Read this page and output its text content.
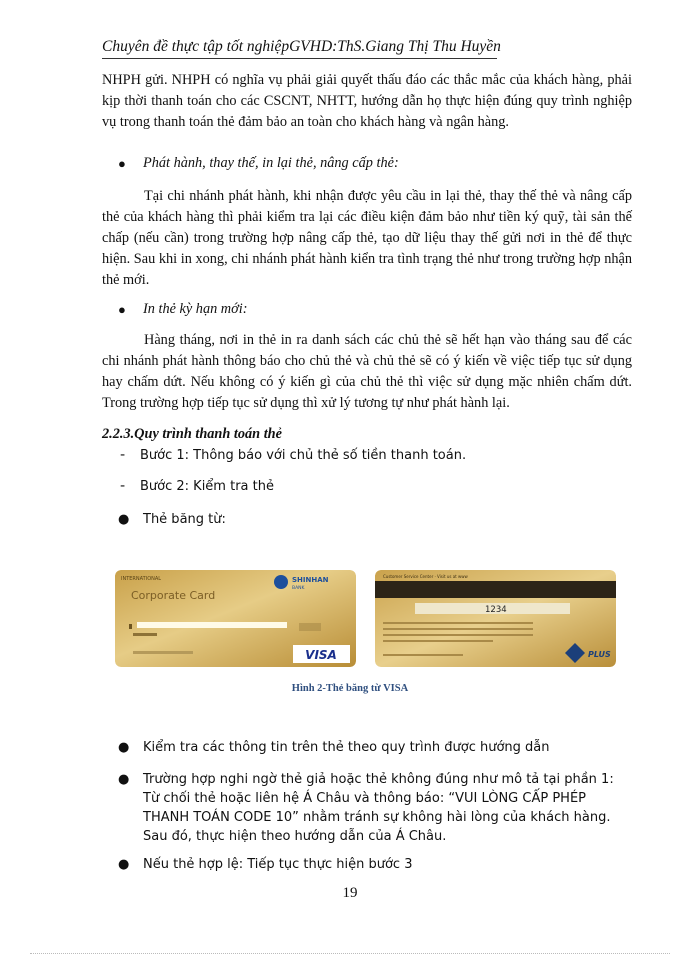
Chuyên đề thực tập tốt nghiệpGVHD:ThS.Giang Thị Thu Huyền

NHPH gửi. NHPH có nghĩa vụ phải giải quyết thấu đáo các thắc mắc của khách hàng, phải kịp thời thanh toán cho các CSCNT, NHTT, hướng dẫn họ thực hiện đúng quy trình nghiệp vụ trong thanh toán thẻ đảm bảo an toàn cho khách hàng và ngân hàng.

● Phát hành, thay thế, in lại thẻ, nâng cấp thẻ:

Tại chi nhánh phát hành, khi nhận được yêu cầu in lại thẻ, thay thế thẻ và nâng cấp thẻ của khách hàng thì phải kiểm tra lại các điều kiện đảm bảo như tiền ký quỹ, tài sản thế chấp (nếu cần) trong trường hợp nâng cấp thẻ, tạo dữ liệu thay thế gửi nơi in thẻ để thực hiện. Sau khi in xong, chi nhánh phát hành kiển tra tình trạng thẻ như trong trường hợp nhận thẻ mới.

● In thẻ kỳ hạn mới:

Hàng tháng, nơi in thẻ in ra danh sách các chủ thẻ sẽ hết hạn vào tháng sau để các chi nhánh phát hành thông báo cho chủ thẻ và chủ thẻ sẽ có ý kiến về việc tiếp tục sử dụng hay chấm dứt. Nếu không có ý kiến gì của chủ thẻ thì việc sử dụng mặc nhiên chấm dứt. Trong trường hợp tiếp tục sử dụng thì xử lý tương tự như phát hành lại.

2.2.3.Quy trình thanh toán thẻ
- Bước 1: Thông báo với chủ thẻ số tiền thanh toán.
- Bước 2: Kiểm tra thẻ
● Thẻ băng từ:
INTERNATIONAL
Corporate Card
SHINHAN
BANK
VISA
Customer Service Center · Visit us at www
1234
PLUS
Hình 2-Thẻ băng từ VISA
● Kiểm tra các thông tin trên thẻ theo quy trình được hướng dẫn
● Trường hợp nghi ngờ thẻ giả hoặc thẻ không đúng như mô tả tại phần 1: Từ chối thẻ hoặc liên hệ Á Châu và thông báo: “VUI LÒNG CẤP PHÉP THANH TOÁN CODE 10” nhằm tránh sự không hài lòng của khách hàng. Sau đó, thực hiện theo hướng dẫn của Á Châu.
● Nếu thẻ hợp lệ: Tiếp tục thực hiện bước 3
19
